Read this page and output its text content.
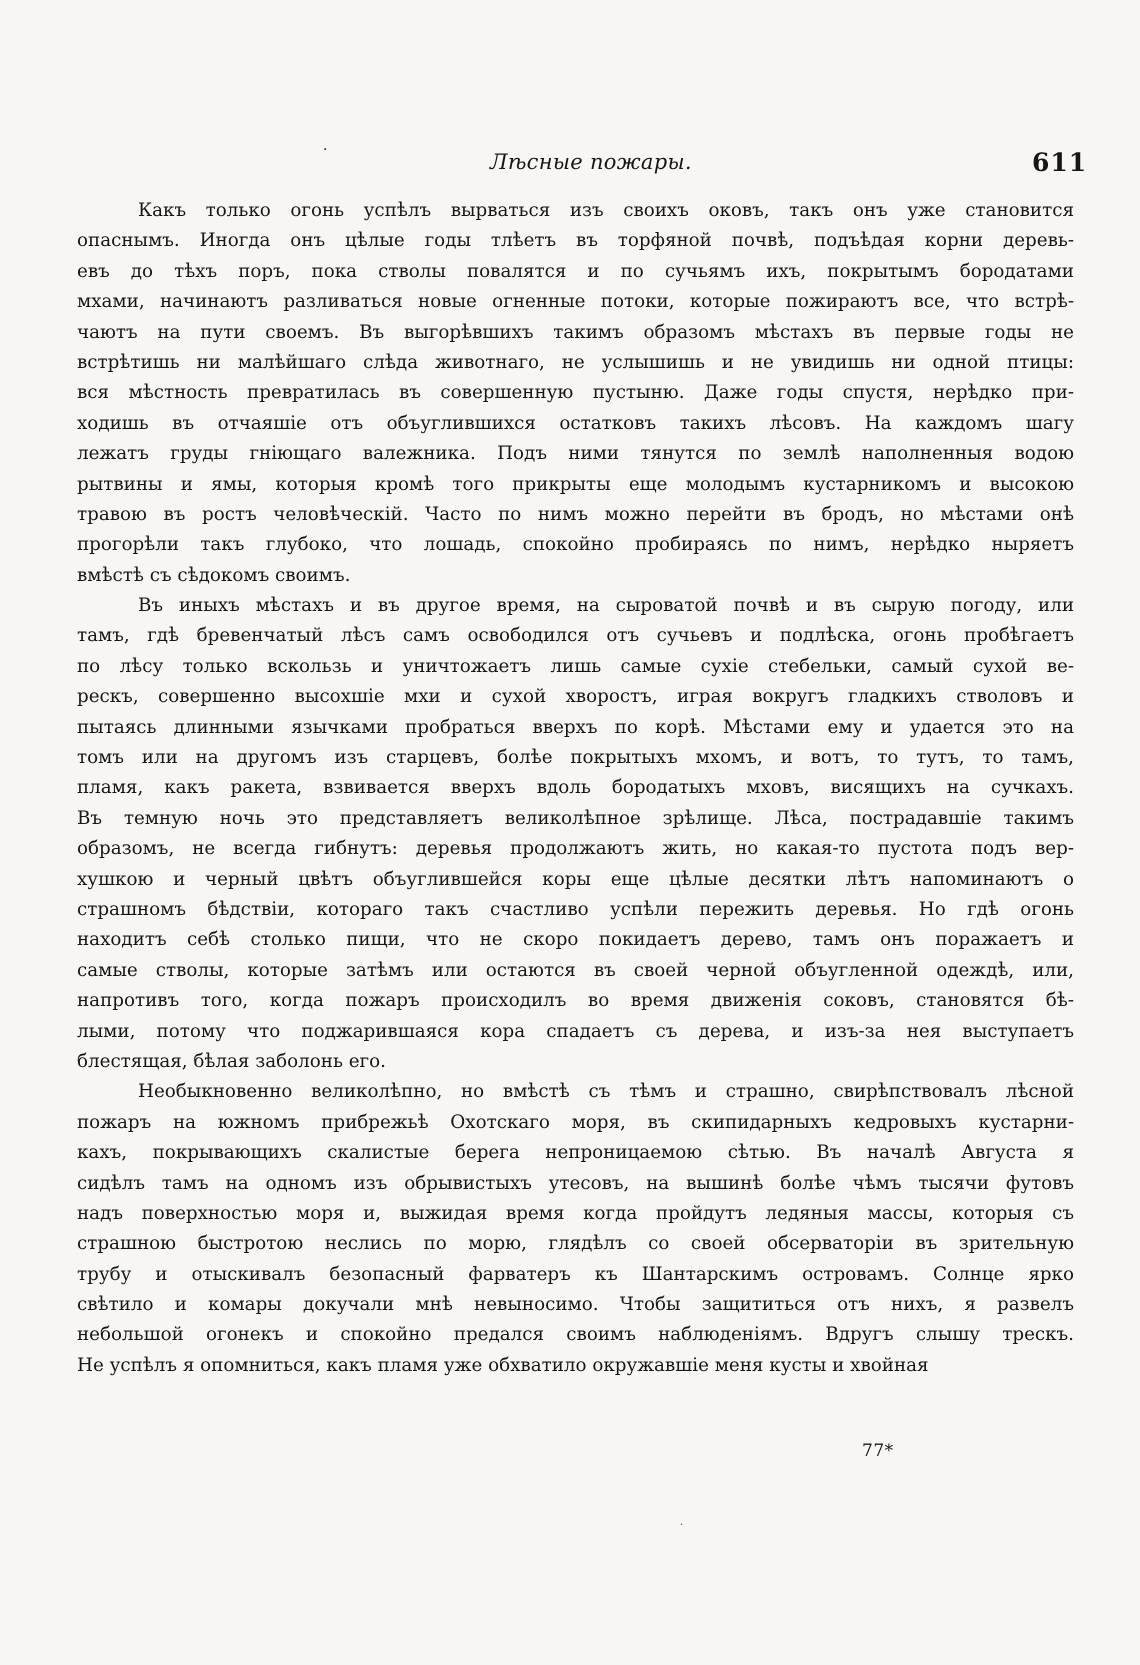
·	Лѣсные пожары.	611
Какъ только огонь успѣлъ вырваться изъ своихъ оковъ, такъ онъ уже становится
опаснымъ. Иногда онъ цѣлые годы тлѣетъ въ торфяной почвѣ, подъѣдая корни деревь-
евъ до тѣхъ поръ, пока стволы повалятся и по сучьямъ ихъ, покрытымъ бородатами
мхами, начинаютъ разливаться новые огненные потоки, которые пожираютъ все, что встрѣ-
чаютъ на пути своемъ. Въ выгорѣвшихъ такимъ образомъ мѣстахъ въ первые годы не
встрѣтишь ни малѣйшаго слѣда животнаго, не услышишь и не увидишь ни одной птицы:
вся мѣстность превратилась въ совершенную пустыню. Даже годы спустя, нерѣдко при-
ходишь въ отчаяшіе отъ объуглившихся остатковъ такихъ лѣсовъ. На каждомъ шагу
лежатъ груды гніющаго валежника. Подъ ними тянутся по землѣ наполненныя водою
рытвины и ямы, которыя кромѣ того прикрыты еще молодымъ кустарникомъ и высокою
травою въ ростъ человѣческій. Часто по нимъ можно перейти въ бродъ, но мѣстами онѣ
прогорѣли такъ глубоко, что лошадь, спокойно пробираясь по нимъ, нерѣдко ныряетъ
вмѣстѣ съ сѣдокомъ своимъ.
Въ иныхъ мѣстахъ и въ другое время, на сыроватой почвѣ и въ сырую погоду, или
тамъ, гдѣ бревенчатый лѣсъ самъ освободился отъ сучьевъ и подлѣска, огонь пробѣгаетъ
по лѣсу только вскользь и уничтожаетъ лишь самые сухіе стебельки, самый сухой ве-
рескъ, совершенно высохшіе мхи и сухой хворостъ, играя вокругъ гладкихъ стволовъ и
пытаясь длинными язычками пробраться вверхъ по корѣ. Мѣстами ему и удается это на
томъ или на другомъ изъ старцевъ, болѣе покрытыхъ мхомъ, и вотъ, то тутъ, то тамъ,
пламя, какъ ракета, взвивается вверхъ вдоль бородатыхъ мховъ, висящихъ на сучкахъ.
Въ темную ночь это представляетъ великолѣпное зрѣлище. Лѣса, пострадавшіе такимъ
образомъ, не всегда гибнутъ: деревья продолжаютъ жить, но какая-то пустота подъ вер-
хушкою и черный цвѣтъ объуглившейся коры еще цѣлые десятки лѣтъ напоминаютъ о
страшномъ бѣдствіи, котораго такъ счастливо успѣли пережить деревья. Но гдѣ огонь
находитъ себѣ столько пищи, что не скоро покидаетъ дерево, тамъ онъ поражаетъ и
самые стволы, которые затѣмъ или остаются въ своей черной объугленной одеждѣ, или,
напротивъ того, когда пожаръ происходилъ во время движенія соковъ, становятся бѣ-
лыми, потому что поджарившаяся кора спадаетъ съ дерева, и изъ-за нея выступаетъ
блестящая, бѣлая заболонь его.
Необыкновенно великолѣпно, но вмѣстѣ съ тѣмъ и страшно, свирѣпствовалъ лѣсной
пожаръ на южномъ прибрежьѣ Охотскаго моря, въ скипидарныхъ кедровыхъ кустарни-
кахъ, покрывающихъ скалистые берега непроницаемою сѣтью. Въ началѣ Августа я
сидѣлъ тамъ на одномъ изъ обрывистыхъ утесовъ, на вышинѣ болѣе чѣмъ тысячи футовъ
надъ поверхностью моря и, выжидая время когда пройдутъ ледяныя массы, которыя съ
страшною быстротою неслись по морю, глядѣлъ со своей обсерваторіи въ зрительную
трубу и отыскивалъ безопасный фарватеръ къ Шантарскимъ островамъ. Солнце ярко
свѣтило и комары докучали мнѣ невыносимо. Чтобы защититься отъ нихъ, я развелъ
небольшой огонекъ и спокойно предался своимъ наблюденіямъ. Вдругъ слышу трескъ.
Не успѣлъ я опомниться, какъ пламя уже обхватило окружавшіе меня кусты и хвойная
77*
·
